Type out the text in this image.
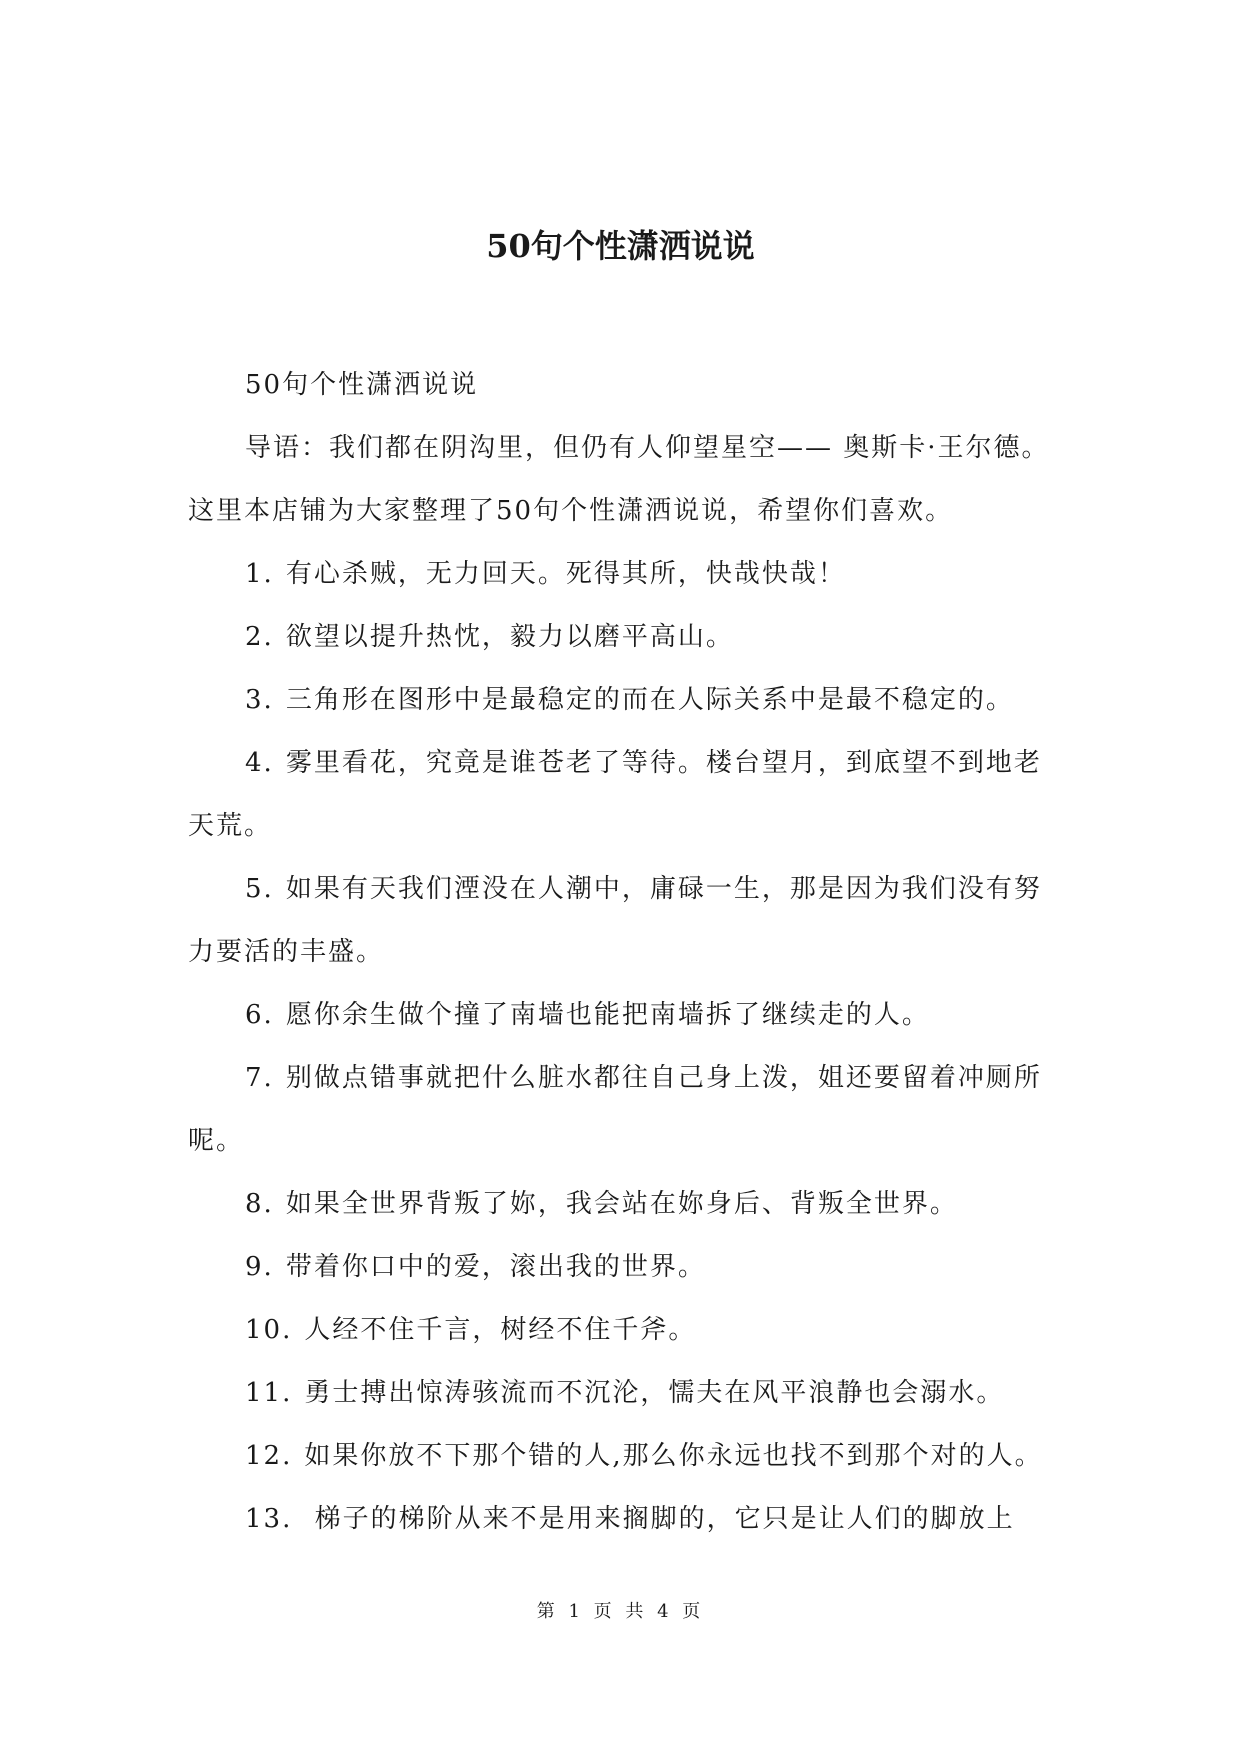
50句个性潇洒说说

50句个性潇洒说说

导语：我们都在阴沟里，但仍有人仰望星空—— 奥斯卡·王尔德。这里本店铺为大家整理了50句个性潇洒说说，希望你们喜欢。

1. 有心杀贼，无力回天。死得其所，快哉快哉！

2. 欲望以提升热忱，毅力以磨平高山。

3. 三角形在图形中是最稳定的而在人际关系中是最不稳定的。

4. 雾里看花，究竟是谁苍老了等待。楼台望月，到底望不到地老天荒。

5. 如果有天我们湮没在人潮中，庸碌一生，那是因为我们没有努力要活的丰盛。

6. 愿你余生做个撞了南墙也能把南墙拆了继续走的人。

7. 别做点错事就把什么脏水都往自己身上泼，姐还要留着冲厕所呢。

8. 如果全世界背叛了妳，我会站在妳身后、背叛全世界。

9. 带着你口中的爱，滚出我的世界。

10. 人经不住千言，树经不住千斧。

11. 勇士搏出惊涛骇流而不沉沦，懦夫在风平浪静也会溺水。

12. 如果你放不下那个错的人,那么你永远也找不到那个对的人。

13. 梯子的梯阶从来不是用来搁脚的，它只是让人们的脚放上

第 1 页 共 4 页
